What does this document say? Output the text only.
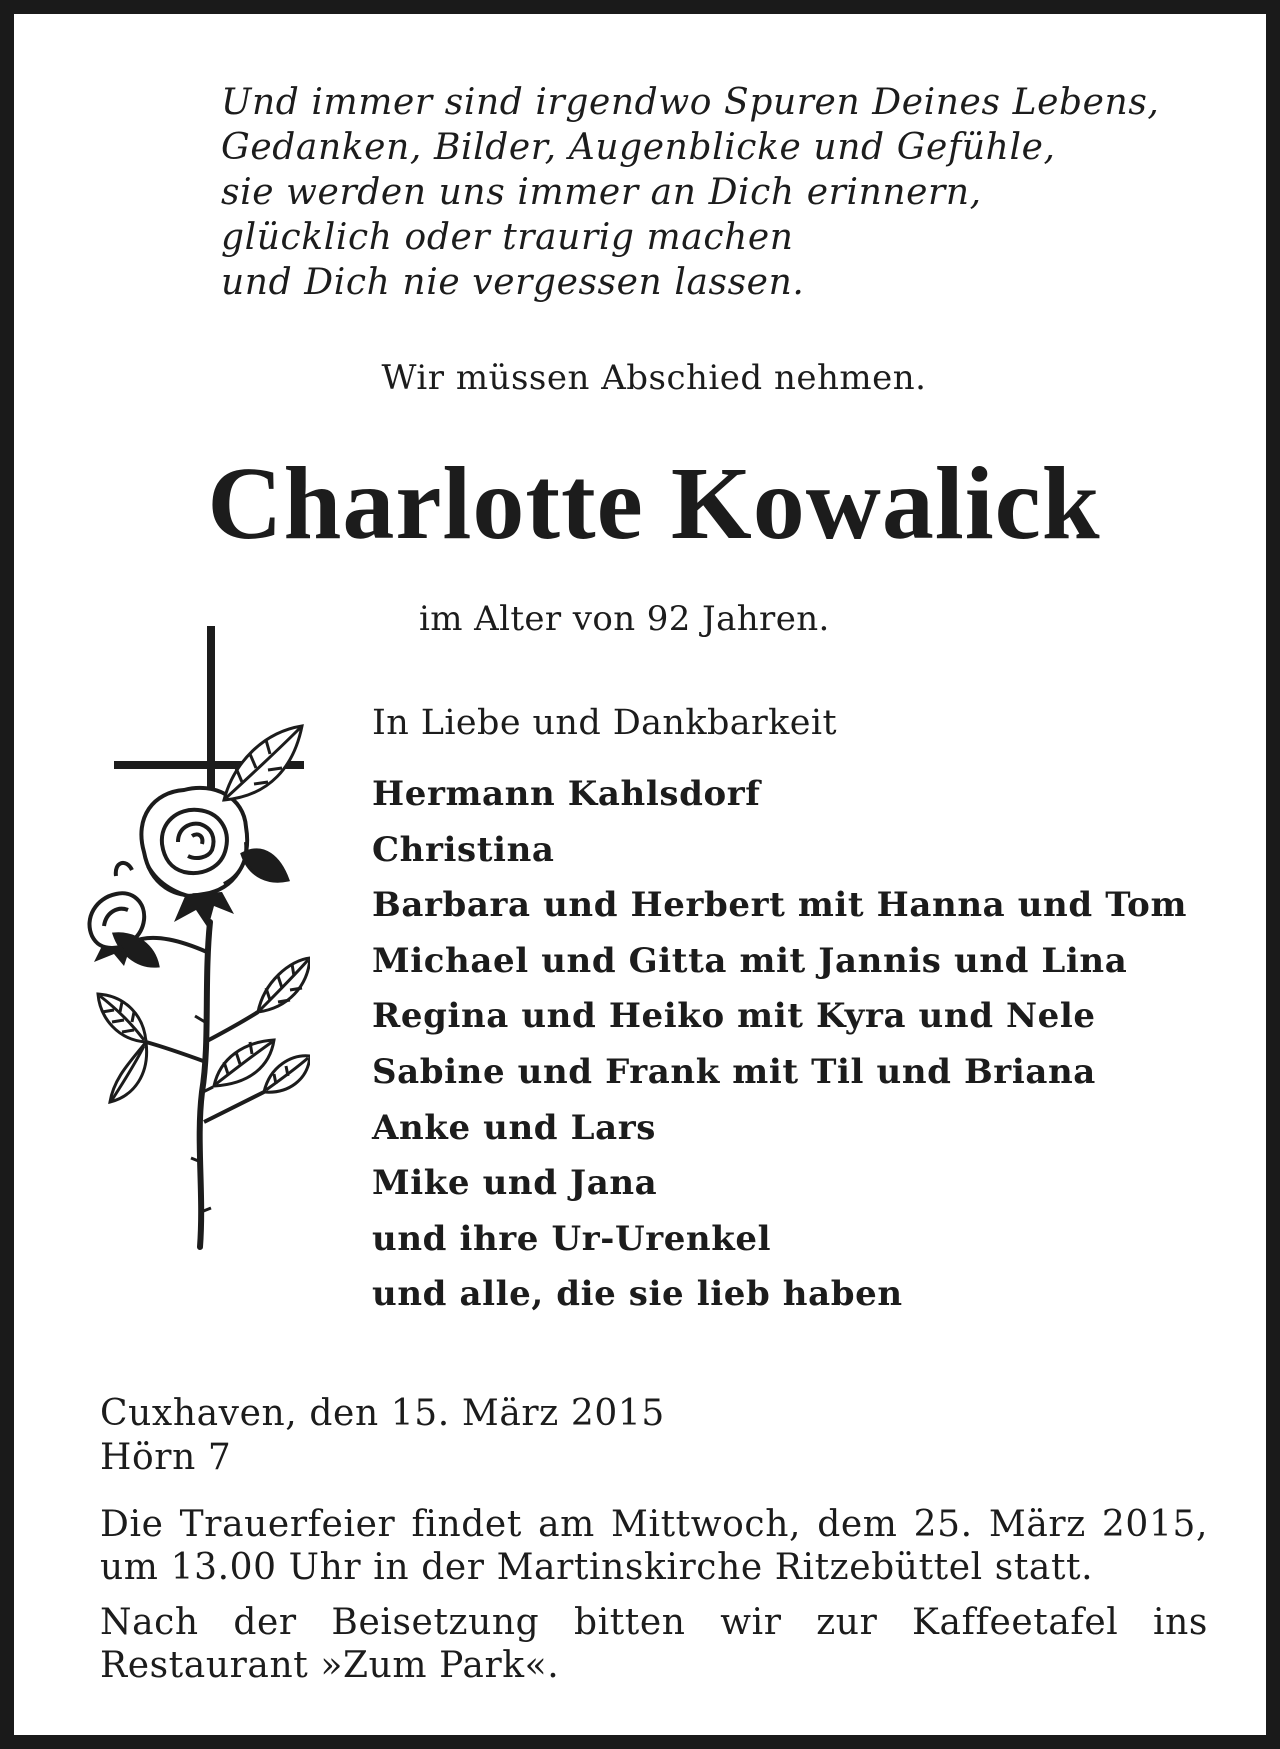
Und immer sind irgendwo Spuren Deines Lebens,
Gedanken, Bilder, Augenblicke und Gefühle,
sie werden uns immer an Dich erinnern,
glücklich oder traurig machen
und Dich nie vergessen lassen.

Wir müssen Abschied nehmen.

Charlotte Kowalick

im Alter von 92 Jahren.

In Liebe und Dankbarkeit

Hermann Kahlsdorf
Christina
Barbara und Herbert mit Hanna und Tom
Michael und Gitta mit Jannis und Lina
Regina und Heiko mit Kyra und Nele
Sabine und Frank mit Til und Briana
Anke und Lars
Mike und Jana
und ihre Ur-Urenkel
und alle, die sie lieb haben
Cuxhaven, den 15. März 2015
Hörn 7

Die Trauerfeier findet am Mittwoch, dem 25. März 2015, um 13.00 Uhr in der Martinskirche Ritzebüttel statt.

Nach der Beisetzung bitten wir zur Kaffeetafel ins Restaurant »Zum Park«.
